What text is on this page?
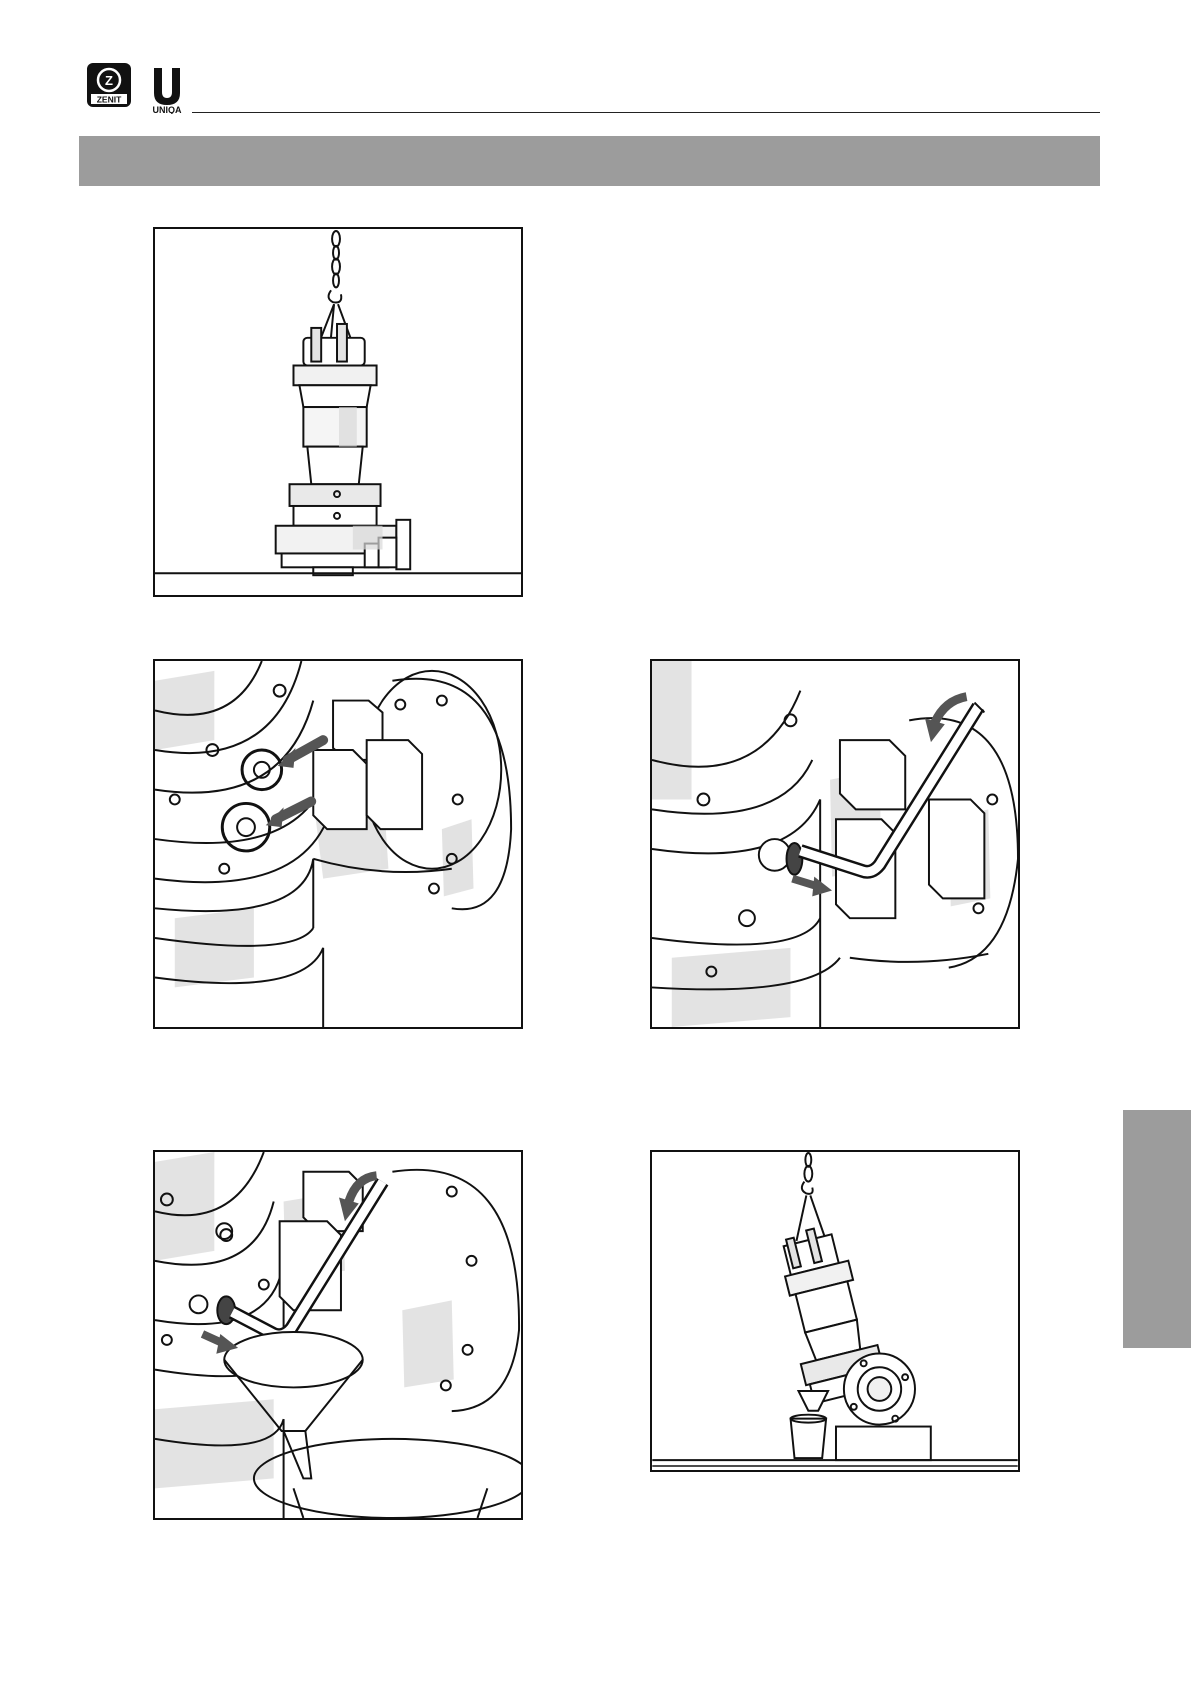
Z
ZENIT
UNIQA
